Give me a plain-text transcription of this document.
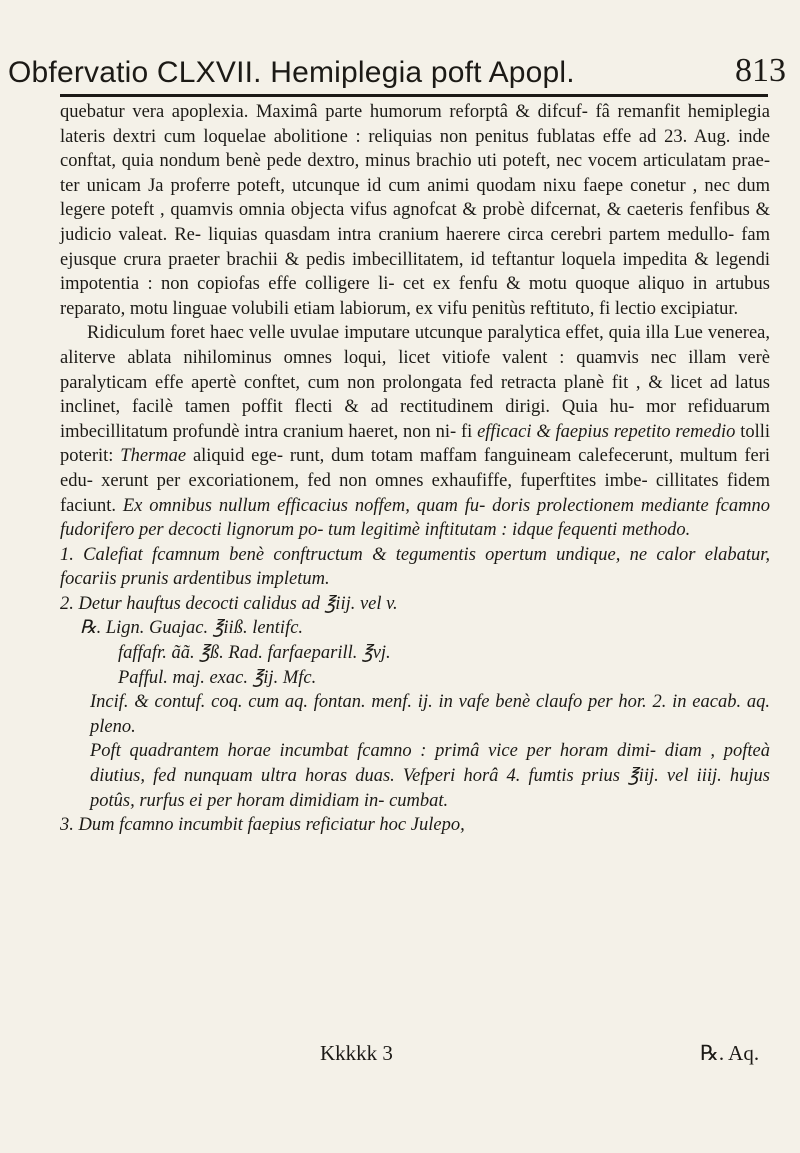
Obfervatio CLXVII. Hemiplegia poft Apopl.	813

quebatur vera apoplexia. Maximâ parte humorum reforptâ & difcuf- fâ remanfit hemiplegia lateris dextri cum loquelae abolitione : reliquias non penitus fublatas effe ad 23. Aug. inde conftat, quia nondum benè pede dextro, minus brachio uti poteft, nec vocem articulatam prae- ter unicam Ja proferre poteft, utcunque id cum animi quodam nixu faepe conetur , nec dum legere poteft , quamvis omnia objecta vifus agnofcat & probè difcernat, & caeteris fenfibus & judicio valeat. Re- liquias quasdam intra cranium haerere circa cerebri partem medullo- fam ejusque crura praeter brachii & pedis imbecillitatem, id teftantur loquela impedita & legendi impotentia : non copiofas effe colligere li- cet ex fenfu & motu quoque aliquo in artubus reparato, motu linguae volubili etiam labiorum, ex vifu penitùs reftituto, fi lectio excipiatur.

Ridiculum foret haec velle uvulae imputare utcunque paralytica effet, quia illa Lue venerea, aliterve ablata nihilominus omnes loqui, licet vitiofe valent : quamvis nec illam verè paralyticam effe apertè conftet, cum non prolongata fed retracta planè fit , & licet ad latus inclinet, facilè tamen poffit flecti & ad rectitudinem dirigi. Quia hu- mor refiduarum imbecillitatum profundè intra cranium haeret, non ni- fi efficaci & faepius repetito remedio tolli poterit: Thermae aliquid ege- runt, dum totam maffam fanguineam calefecerunt, multum feri edu- xerunt per excoriationem, fed non omnes exhaufiffe, fuperftites imbe- cillitates fidem faciunt. Ex omnibus nullum efficacius noffem, quam fu- doris prolectionem mediante fcamno fudorifero per decocti lignorum po- tum legitimè inftitutam : idque fequenti methodo.

1. Calefiat fcamnum benè conftructum & tegumentis opertum undique, ne calor elabatur, focariis prunis ardentibus impletum.

2. Detur hauftus decocti calidus ad ℥iij. vel v.

℞. Lign. Guajac. ℥iiß. lentifc.

faffafr. ãã. ℥ß. Rad. farfaeparill. ℥vj.

Pafful. maj. exac. ℥ij. Mfc.

Incif. & contuf. coq. cum aq. fontan. menf. ij. in vafe benè claufo per hor. 2. in eacab. aq. pleno.

Poft quadrantem horae incumbat fcamno : primâ vice per horam dimi- diam , pofteà diutius, fed nunquam ultra horas duas. Vefperi horâ 4. fumtis prius ℥iij. vel iiij. hujus potûs, rurfus ei per horam dimidiam in- cumbat.

3. Dum fcamno incumbit faepius reficiatur hoc Julepo,

Kkkkk 3	℞. Aq.
